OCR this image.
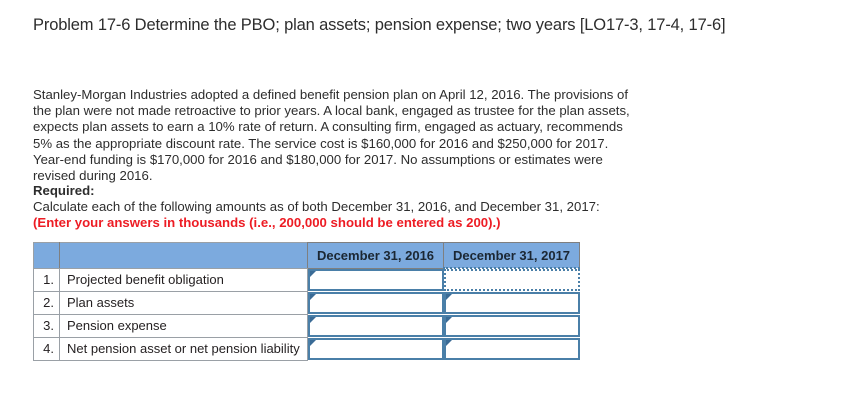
Problem 17-6 Determine the PBO; plan assets; pension expense; two years [LO17-3, 17-4, 17-6]
Stanley-Morgan Industries adopted a defined benefit pension plan on April 12, 2016. The provisions of the plan were not made retroactive to prior years. A local bank, engaged as trustee for the plan assets, expects plan assets to earn a 10% rate of return. A consulting firm, engaged as actuary, recommends 5% as the appropriate discount rate. The service cost is $160,000 for 2016 and $250,000 for 2017. Year-end funding is $170,000 for 2016 and $180,000 for 2017. No assumptions or estimates were revised during 2016.
Required:
Calculate each of the following amounts as of both December 31, 2016, and December 31, 2017: (Enter your answers in thousands (i.e., 200,000 should be entered as 200).)
		December 31, 2016	December 31, 2017
1.	Projected benefit obligation	

2.	Plan assets	

3.	Pension expense	

4.	Net pension asset or net pension liability	
